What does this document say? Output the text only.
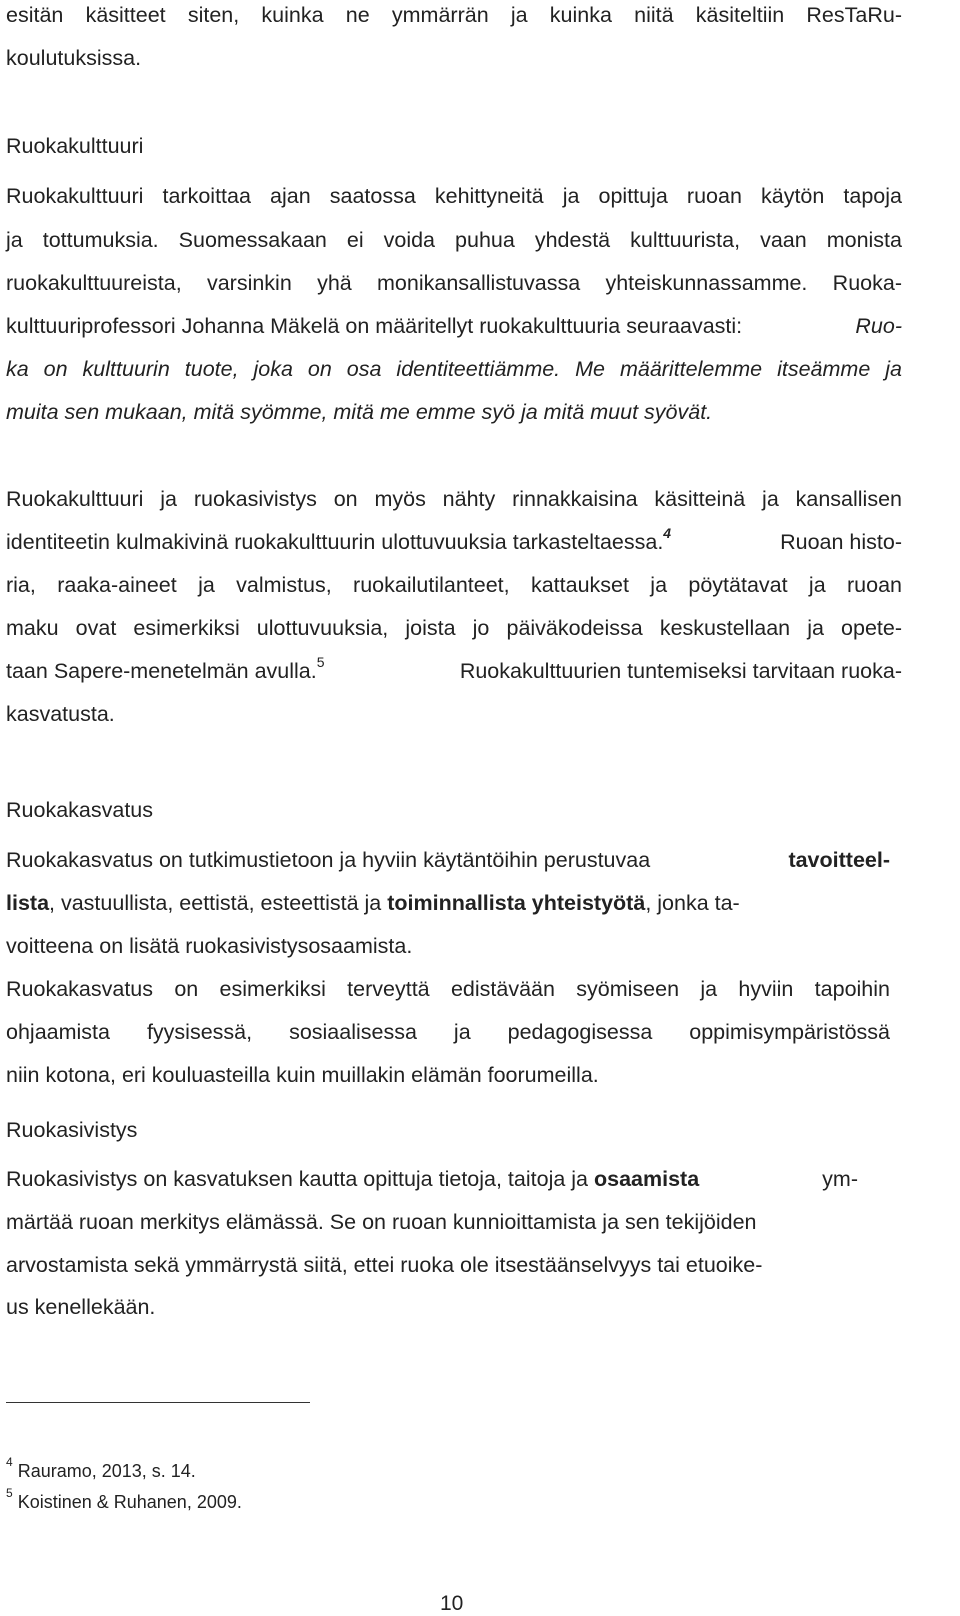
esitän käsitteet siten, kuinka ne ymmärrän ja kuinka niitä käsiteltiin ResTaRu-
koulutuksissa.
Ruokakulttuuri
Ruokakulttuuri tarkoittaa ajan saatossa kehittyneitä ja opittuja ruoan käytön tapoja
ja tottumuksia. Suomessakaan ei voida puhua yhdestä kulttuurista, vaan monista
ruokakulttuureista, varsinkin yhä monikansallistuvassa yhteiskunnassamme. Ruoka-
kulttuuriprofessori Johanna Mäkelä on määritellyt ruokakulttuuria seuraavasti:	Ruo-
ka on kulttuurin tuote, joka on osa identiteettiämme. Me määrittelemme itseämme ja
muita sen mukaan, mitä syömme, mitä me emme syö ja mitä muut syövät.
Ruokakulttuuri ja ruokasivistys on myös nähty rinnakkaisina käsitteinä ja kansallisen
identiteetin kulmakivinä ruokakulttuurin ulottuvuuksia tarkasteltaessa.$^4$	Ruoan histo-
ria, raaka-aineet ja valmistus, ruokailutilanteet, kattaukset ja pöytätavat ja ruoan
maku ovat esimerkiksi ulottuvuuksia, joista jo päiväkodeissa keskustellaan ja opete-
taan Sapere-menetelmän avulla.$^5$	Ruokakulttuurien tuntemiseksi tarvitaan ruoka-
kasvatusta.
Ruokakasvatus
Ruokakasvatus on tutkimustietoon ja hyviin käytäntöihin perustuvaa	tavoitteel-
lista, vastuullista, eettistä, esteettistä ja toiminnallista yhteistyötä, jonka ta-
voitteena on lisätä ruokasivistysosaamista.
Ruokakasvatus on esimerkiksi terveyttä edistävään syömiseen ja hyviin tapoihin
ohjaamista fyysisessä, sosiaalisessa ja pedagogisessa oppimisympäristössä
niin kotona, eri kouluasteilla kuin muillakin elämän foorumeilla.
Ruokasivistys
Ruokasivistys on kasvatuksen kautta opittuja tietoja, taitoja ja osaamista	ym-
märtää ruoan merkitys elämässä. Se on ruoan kunnioittamista ja sen tekijöiden
arvostamista sekä ymmärrystä siitä, ettei ruoka ole itsestäänselvyys tai etuoike-
us kenellekään.
$^4$ Rauramo, 2013, s. 14.
$^5$ Koistinen & Ruhanen, 2009.
10
